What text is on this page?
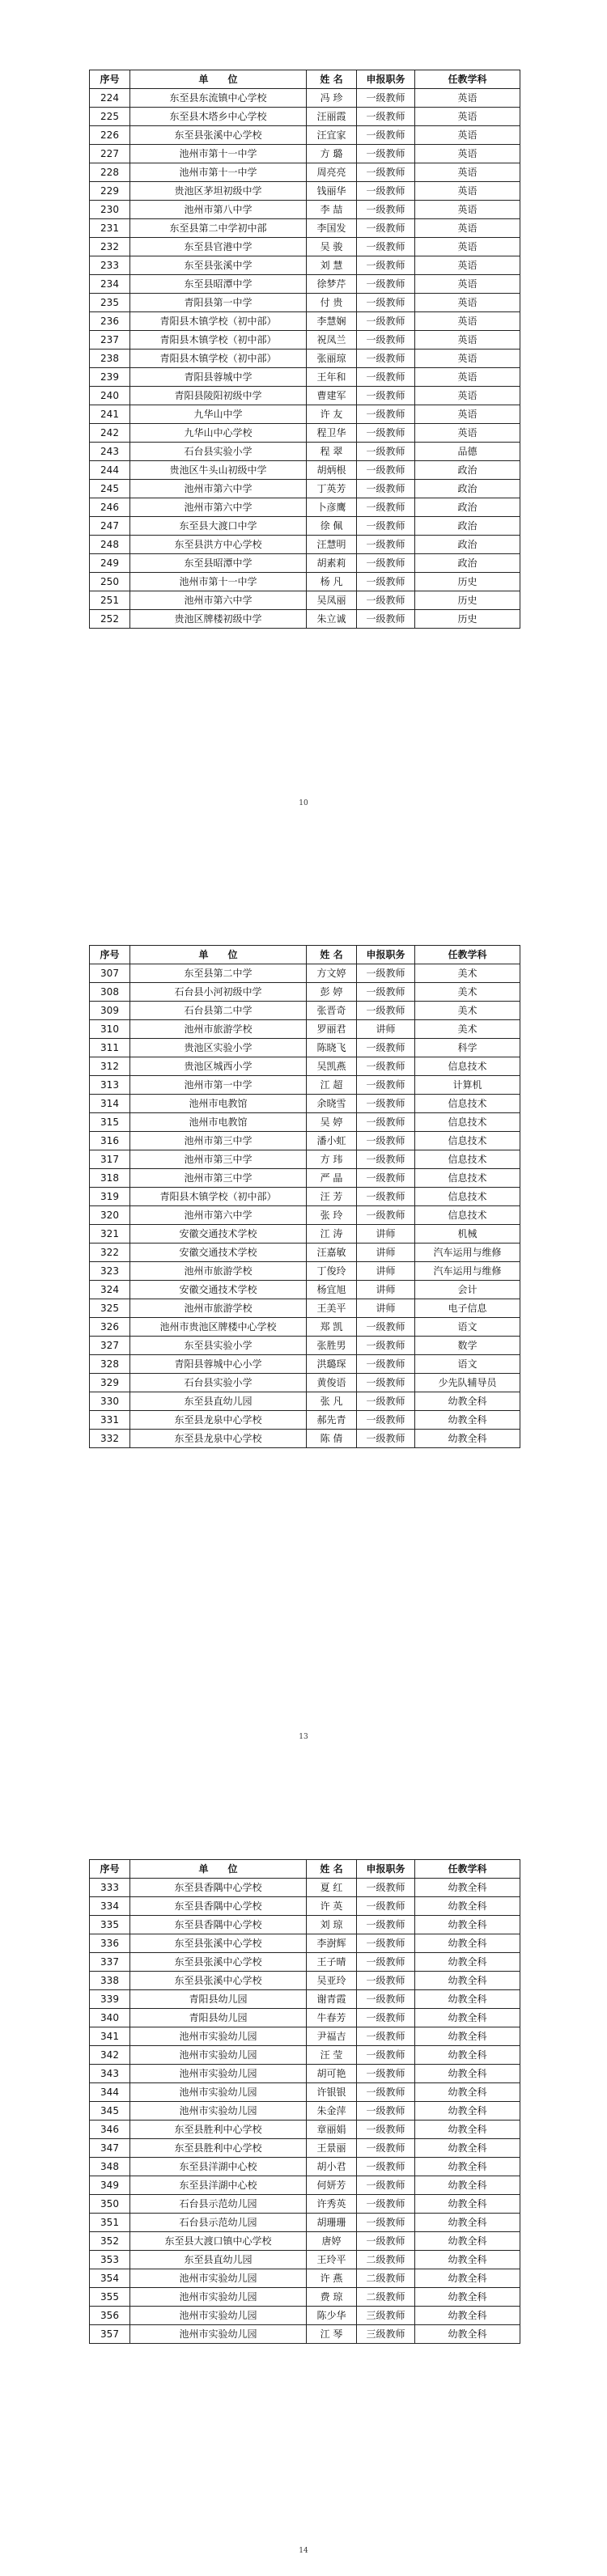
序号	单　　位	姓 名	申报职务	任教学科
224	东至县东流镇中心学校	冯 珍	一级教师	英语
225	东至县木塔乡中心学校	汪丽霞	一级教师	英语
226	东至县张溪中心学校	汪宜家	一级教师	英语
227	池州市第十一中学	方 璐	一级教师	英语
228	池州市第十一中学	周亮亮	一级教师	英语
229	贵池区茅坦初级中学	钱丽华	一级教师	英语
230	池州市第八中学	李 喆	一级教师	英语
231	东至县第二中学初中部	李国发	一级教师	英语
232	东至县官港中学	吴 骏	一级教师	英语
233	东至县张溪中学	刘 慧	一级教师	英语
234	东至县昭潭中学	徐梦芹	一级教师	英语
235	青阳县第一中学	付 贵	一级教师	英语
236	青阳县木镇学校（初中部）	李慧娴	一级教师	英语
237	青阳县木镇学校（初中部）	祝凤兰	一级教师	英语
238	青阳县木镇学校（初中部）	张丽琼	一级教师	英语
239	青阳县蓉城中学	王年和	一级教师	英语
240	青阳县陵阳初级中学	曹建军	一级教师	英语
241	九华山中学	许 友	一级教师	英语
242	九华山中心学校	程卫华	一级教师	英语
243	石台县实验小学	程 翠	一级教师	品德
244	贵池区牛头山初级中学	胡炳根	一级教师	政治
245	池州市第六中学	丁英芳	一级教师	政治
246	池州市第六中学	卜彦鹰	一级教师	政治
247	东至县大渡口中学	徐 佩	一级教师	政治
248	东至县洪方中心学校	汪慧明	一级教师	政治
249	东至县昭潭中学	胡素莉	一级教师	政治
250	池州市第十一中学	杨 凡	一级教师	历史
251	池州市第六中学	吴凤丽	一级教师	历史
252	贵池区牌楼初级中学	朱立诚	一级教师	历史
10
序号	单　　位	姓 名	申报职务	任教学科
307	东至县第二中学	方文婷	一级教师	美术
308	石台县小河初级中学	彭 婷	一级教师	美术
309	石台县第二中学	张晋奇	一级教师	美术
310	池州市旅游学校	罗丽君	讲师	美术
311	贵池区实验小学	陈晓飞	一级教师	科学
312	贵池区城西小学	吴凯燕	一级教师	信息技术
313	池州市第一中学	江 超	一级教师	计算机
314	池州市电教馆	余晓雪	一级教师	信息技术
315	池州市电教馆	吴 婷	一级教师	信息技术
316	池州市第三中学	潘小虹	一级教师	信息技术
317	池州市第三中学	方 玮	一级教师	信息技术
318	池州市第三中学	严 晶	一级教师	信息技术
319	青阳县木镇学校（初中部）	汪 芳	一级教师	信息技术
320	池州市第六中学	张 玲	一级教师	信息技术
321	安徽交通技术学校	江 涛	讲师	机械
322	安徽交通技术学校	汪嘉敏	讲师	汽车运用与维修
323	池州市旅游学校	丁俊玲	讲师	汽车运用与维修
324	安徽交通技术学校	杨宜旭	讲师	会计
325	池州市旅游学校	王美平	讲师	电子信息
326	池州市贵池区牌楼中心学校	郑 凯	一级教师	语文
327	东至县实验小学	张胜男	一级教师	数学
328	青阳县蓉城中心小学	洪璐琛	一级教师	语文
329	石台县实验小学	黄俊语	一级教师	少先队辅导员
330	东至县直幼儿园	张 凡	一级教师	幼教全科
331	东至县龙泉中心学校	郝先青	一级教师	幼教全科
332	东至县龙泉中心学校	陈 倩	一级教师	幼教全科
13
序号	单　　位	姓 名	申报职务	任教学科
333	东至县香隅中心学校	夏 红	一级教师	幼教全科
334	东至县香隅中心学校	许 英	一级教师	幼教全科
335	东至县香隅中心学校	刘 琼	一级教师	幼教全科
336	东至县张溪中心学校	李澍辉	一级教师	幼教全科
337	东至县张溪中心学校	王子晴	一级教师	幼教全科
338	东至县张溪中心学校	吴亚玲	一级教师	幼教全科
339	青阳县幼儿园	谢青霞	一级教师	幼教全科
340	青阳县幼儿园	牛春芳	一级教师	幼教全科
341	池州市实验幼儿园	尹福吉	一级教师	幼教全科
342	池州市实验幼儿园	汪 莹	一级教师	幼教全科
343	池州市实验幼儿园	胡可艳	一级教师	幼教全科
344	池州市实验幼儿园	许银银	一级教师	幼教全科
345	池州市实验幼儿园	朱金萍	一级教师	幼教全科
346	东至县胜利中心学校	章丽娟	一级教师	幼教全科
347	东至县胜利中心学校	王景丽	一级教师	幼教全科
348	东至县洋湖中心校	胡小君	一级教师	幼教全科
349	东至县洋湖中心校	何妍芳	一级教师	幼教全科
350	石台县示范幼儿园	许秀英	一级教师	幼教全科
351	石台县示范幼儿园	胡珊珊	一级教师	幼教全科
352	东至县大渡口镇中心学校	唐婷	一级教师	幼教全科
353	东至县直幼儿园	王玲平	二级教师	幼教全科
354	池州市实验幼儿园	许 燕	二级教师	幼教全科
355	池州市实验幼儿园	费 琼	二级教师	幼教全科
356	池州市实验幼儿园	陈少华	三级教师	幼教全科
357	池州市实验幼儿园	江 琴	三级教师	幼教全科
14
